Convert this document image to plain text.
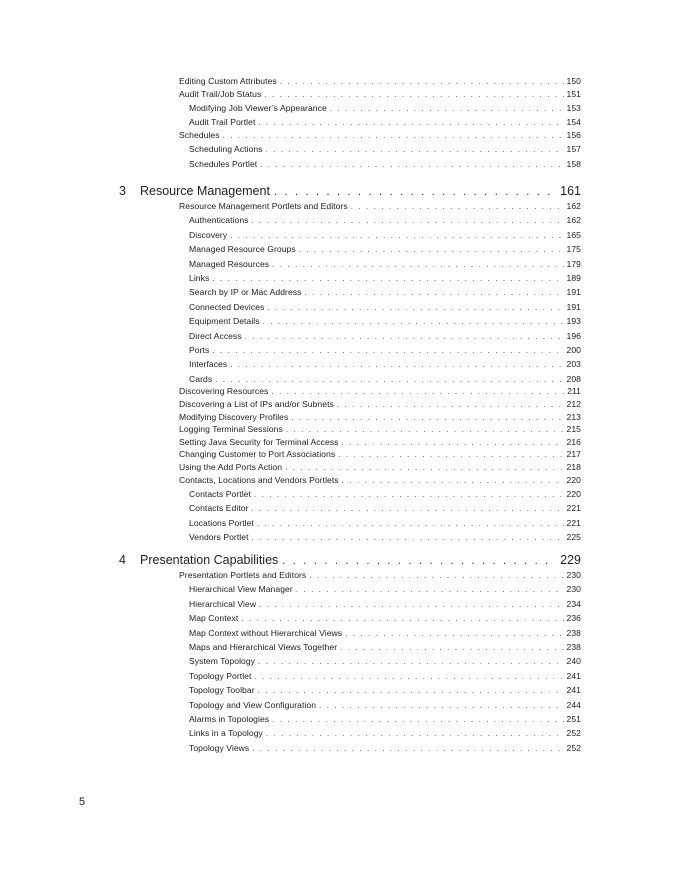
Editing Custom Attributes . . .	150
Audit Trail/Job Status . . .	151
Modifying Job Viewer’s Appearance . . .	153
Audit Trail Portlet . . .	154
Schedules . . .	156
Scheduling Actions . . .	157
Schedules Portlet . . .	158
3	Resource Management . . .	161
Resource Management Portlets and Editors . . .	162
Authentications . . .	162
Discovery . . .	165
Managed Resource Groups . . .	175
Managed Resources . . .	179
Links . . .	189
Search by IP or Mac Address . . .	191
Connected Devices . . .	191
Equipment Details . . .	193
Direct Access . . .	196
Ports . . .	200
Interfaces . . .	203
Cards . . .	208
Discovering Resources . . .	211
Discovering a List of IPs and/or Subnets . . .	212
Modifying Discovery Profiles . . .	213
Logging Terminal Sessions . . .	215
Setting Java Security for Terminal Access . . .	216
Changing Customer to Port Associations . . .	217
Using the Add Ports Action . . .	218
Contacts, Locations and Vendors Portlets . . .	220
Contacts Portlet . . .	220
Contacts Editor . . .	221
Locations Portlet . . .	221
Vendors Portlet . . .	225
4	Presentation Capabilities . . .	229
Presentation Portlets and Editors . . .	230
Hierarchical View Manager . . .	230
Hierarchical View . . .	234
Map Context . . .	236
Map Context without Hierarchical Views . . .	238
Maps and Hierarchical Views Together . . .	238
System Topology . . .	240
Topology Portlet . . .	241
Topology Toolbar . . .	241
Topology and View Configuration . . .	244
Alarms in Topologies . . .	251
Links in a Topology . . .	252
Topology Views . . .	252
5
